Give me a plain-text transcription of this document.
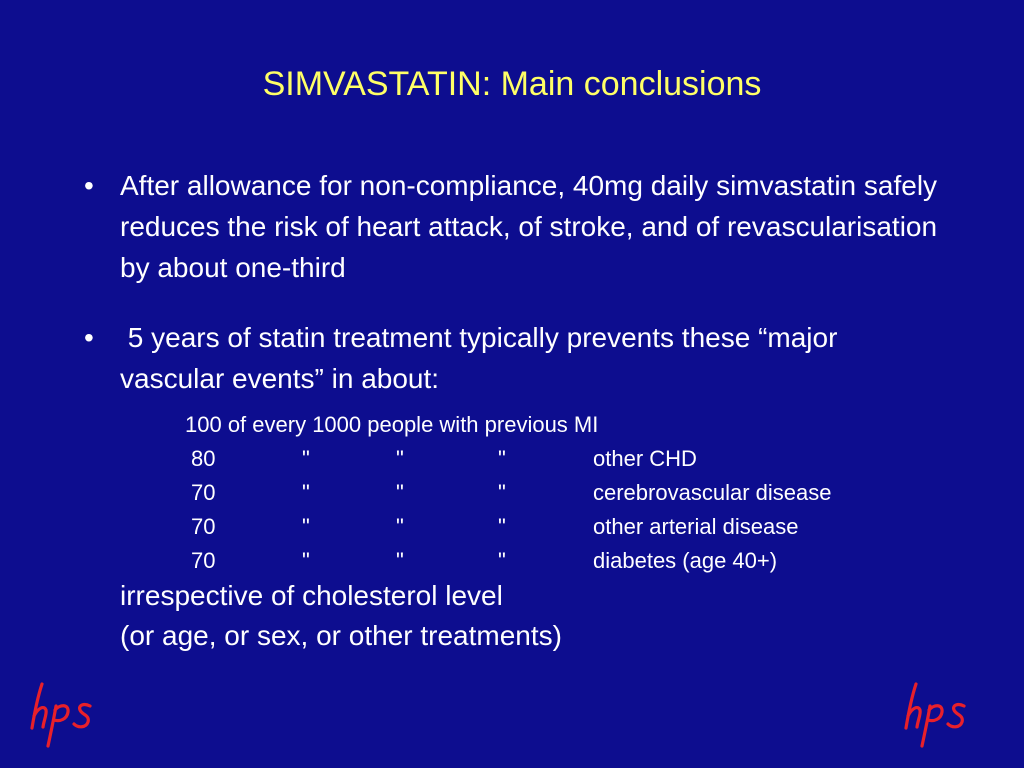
SIMVASTATIN: Main conclusions
• After allowance for non-compliance, 40mg daily simvastatin safely reduces the risk of heart attack, of stroke, and of revascularisation by about one-third
• 5 years of statin treatment typically prevents these “major vascular events” in about:
100 of every 1000 people with previous MI
80	"	"	"	other CHD
70	"	"	"	cerebrovascular disease
70	"	"	"	other arterial disease
70	"	"	"	diabetes (age 40+)
irrespective of cholesterol level
(or age, or sex, or other treatments)
